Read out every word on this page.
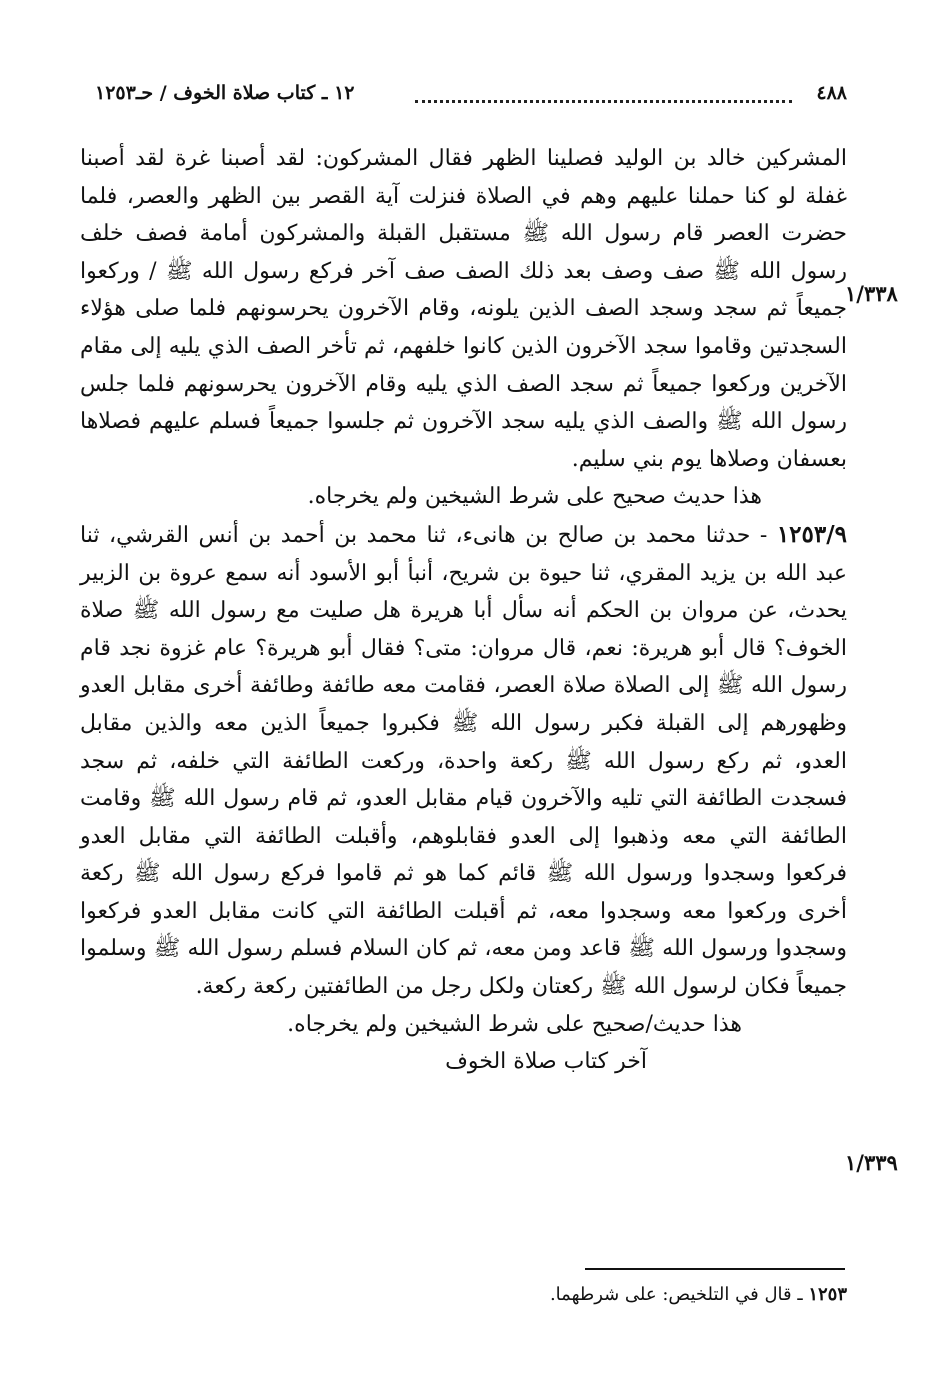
٤٨٨
١٢ ـ كتاب صلاة الخوف / حـ١٢٥٣
١/٣٣٨
١/٣٣٩

المشركين خالد بن الوليد فصلينا الظهر فقال المشركون: لقد أصبنا غرة لقد أصبنا غفلة لو كنا حملنا عليهم وهم في الصلاة فنزلت آية القصر بين الظهر والعصر، فلما حضرت العصر قام رسول الله ﷺ مستقبل القبلة والمشركون أمامة فصف خلف رسول الله ﷺ صف وصف بعد ذلك الصف صف آخر فركع رسول الله ﷺ / وركعوا جميعاً ثم سجد وسجد الصف الذين يلونه، وقام الآخرون يحرسونهم فلما صلى هؤلاء السجدتين وقاموا سجد الآخرون الذين كانوا خلفهم، ثم تأخر الصف الذي يليه إلى مقام الآخرين وركعوا جميعاً ثم سجد الصف الذي يليه وقام الآخرون يحرسونهم فلما جلس رسول الله ﷺ والصف الذي يليه سجد الآخرون ثم جلسوا جميعاً فسلم عليهم فصلاها بعسفان وصلاها يوم بني سليم.

هذا حديث صحيح على شرط الشيخين ولم يخرجاه.

١٢٥٣/٩ - حدثنا محمد بن صالح بن هانىء، ثنا محمد بن أحمد بن أنس القرشي، ثنا عبد الله بن يزيد المقري، ثنا حيوة بن شريح، أنبأ أبو الأسود أنه سمع عروة بن الزبير يحدث، عن مروان بن الحكم أنه سأل أبا هريرة هل صليت مع رسول الله ﷺ صلاة الخوف؟ قال أبو هريرة: نعم، قال مروان: متى؟ فقال أبو هريرة؟ عام غزوة نجد قام رسول الله ﷺ إلى الصلاة صلاة العصر، فقامت معه طائفة وطائفة أخرى مقابل العدو وظهورهم إلى القبلة فكبر رسول الله ﷺ فكبروا جميعاً الذين معه والذين مقابل العدو، ثم ركع رسول الله ﷺ ركعة واحدة، وركعت الطائفة التي خلفه، ثم سجد فسجدت الطائفة التي تليه والآخرون قيام مقابل العدو، ثم قام رسول الله ﷺ وقامت الطائفة التي معه وذهبوا إلى العدو فقابلوهم، وأقبلت الطائفة التي مقابل العدو فركعوا وسجدوا ورسول الله ﷺ قائم كما هو ثم قاموا فركع رسول الله ﷺ ركعة أخرى وركعوا معه وسجدوا معه، ثم أقبلت الطائفة التي كانت مقابل العدو فركعوا وسجدوا ورسول الله ﷺ قاعد ومن معه، ثم كان السلام فسلم رسول الله ﷺ وسلموا جميعاً فكان لرسول الله ﷺ ركعتان ولكل رجل من الطائفتين ركعة ركعة.

هذا حديث/صحيح على شرط الشيخين ولم يخرجاه.

آخر كتاب صلاة الخوف

١٢٥٣ ـ قال في التلخيص: على شرطهما.
